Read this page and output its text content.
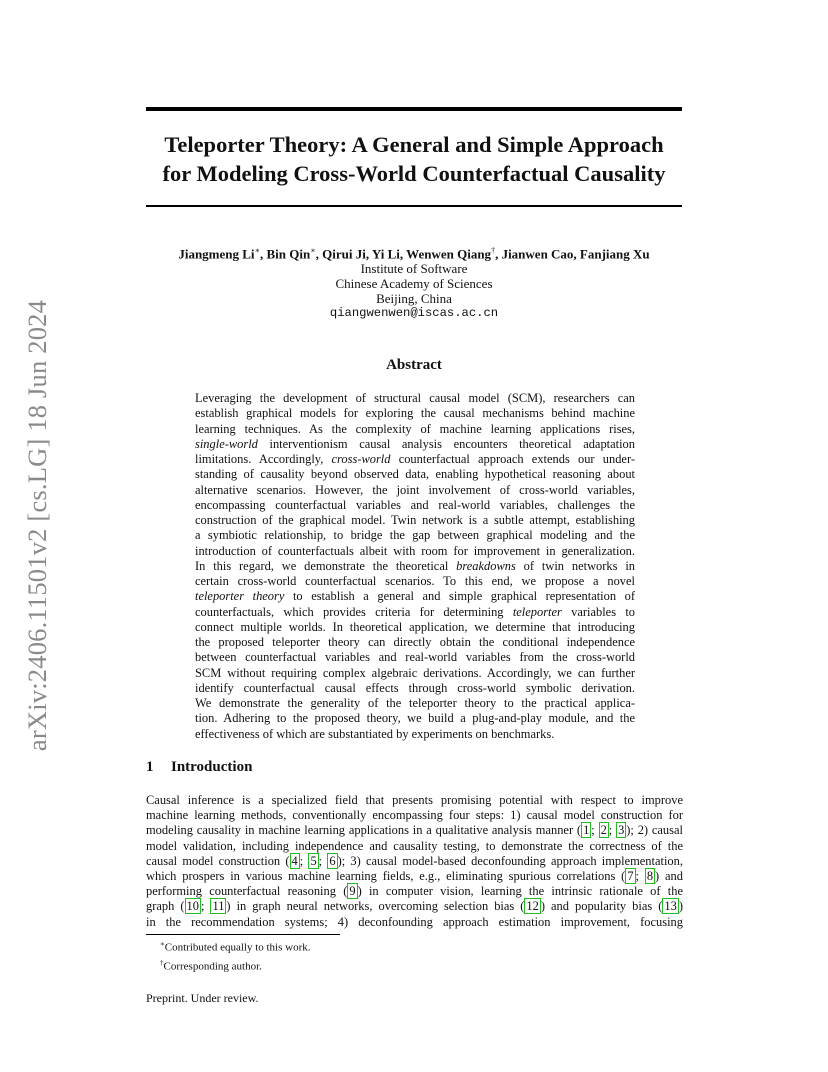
arXiv:2406.11501v2 [cs.LG] 18 Jun 2024
Teleporter Theory: A General and Simple Approach
for Modeling Cross-World Counterfactual Causality
Jiangmeng Li∗, Bin Qin∗, Qirui Ji, Yi Li, Wenwen Qiang†, Jianwen Cao, Fanjiang Xu
Institute of Software
Chinese Academy of Sciences
Beijing, China
qiangwenwen@iscas.ac.cn
Abstract
Leveraging the development of structural causal model (SCM), researchers can
establish graphical models for exploring the causal mechanisms behind machine
learning techniques. As the complexity of machine learning applications rises,
single-world interventionism causal analysis encounters theoretical adaptation
limitations. Accordingly, cross-world counterfactual approach extends our under-
standing of causality beyond observed data, enabling hypothetical reasoning about
alternative scenarios. However, the joint involvement of cross-world variables,
encompassing counterfactual variables and real-world variables, challenges the
construction of the graphical model. Twin network is a subtle attempt, establishing
a symbiotic relationship, to bridge the gap between graphical modeling and the
introduction of counterfactuals albeit with room for improvement in generalization.
In this regard, we demonstrate the theoretical breakdowns of twin networks in
certain cross-world counterfactual scenarios. To this end, we propose a novel
teleporter theory to establish a general and simple graphical representation of
counterfactuals, which provides criteria for determining teleporter variables to
connect multiple worlds. In theoretical application, we determine that introducing
the proposed teleporter theory can directly obtain the conditional independence
between counterfactual variables and real-world variables from the cross-world
SCM without requiring complex algebraic derivations. Accordingly, we can further
identify counterfactual causal effects through cross-world symbolic derivation.
We demonstrate the generality of the teleporter theory to the practical applica-
tion. Adhering to the proposed theory, we build a plug-and-play module, and the
effectiveness of which are substantiated by experiments on benchmarks.
1 Introduction
Causal inference is a specialized field that presents promising potential with respect to improve
machine learning methods, conventionally encompassing four steps: 1) causal model construction for
modeling causality in machine learning applications in a qualitative analysis manner ( 1 ; 2 ; 3 ); 2) causal
model validation, including independence and causality testing, to demonstrate the correctness of the
causal model construction ( 4 ; 5 ; 6 ); 3) causal model-based deconfounding approach implementation,
which prospers in various machine learning fields, e.g., eliminating spurious correlations ( 7 ; 8 ) and
performing counterfactual reasoning ( 9 ) in computer vision, learning the intrinsic rationale of the
graph ( 10 ; 11 ) in graph neural networks, overcoming selection bias ( 12 ) and popularity bias ( 13 )
in the recommendation systems; 4) deconfounding approach estimation improvement, focusing
∗Contributed equally to this work.
†Corresponding author.
Preprint. Under review.
